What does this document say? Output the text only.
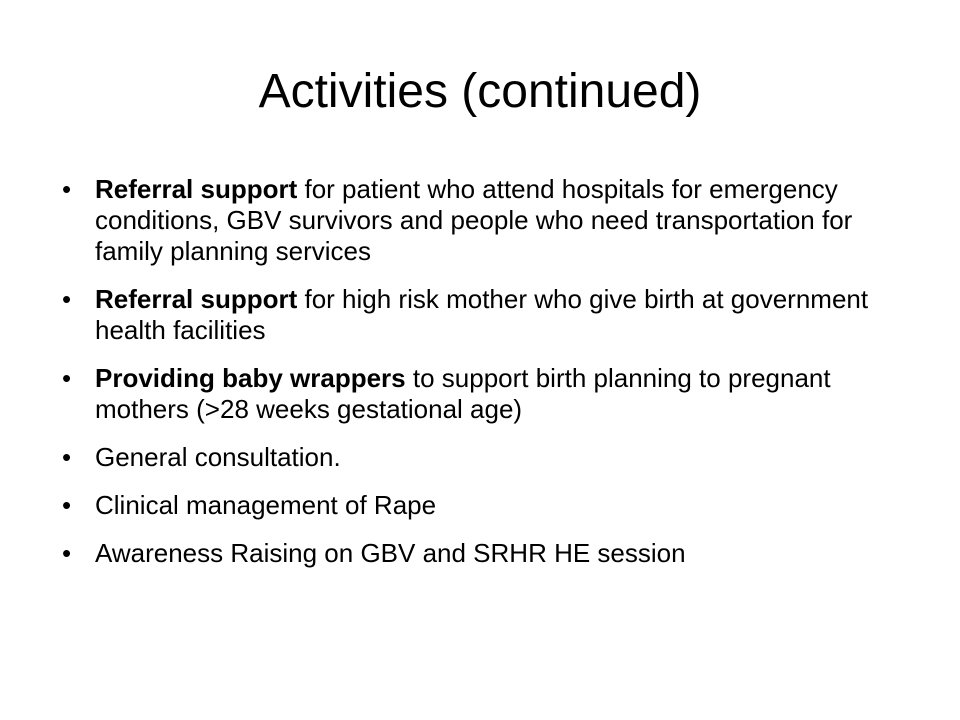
Activities (continued)
• Referral support for patient who attend hospitals for emergency conditions, GBV survivors and people who need transportation for family planning services
• Referral support for high risk mother who give birth at government health facilities
• Providing baby wrappers to support birth planning to pregnant mothers (>28 weeks gestational age)
• General consultation.
• Clinical management of Rape
• Awareness Raising on GBV and SRHR HE session
